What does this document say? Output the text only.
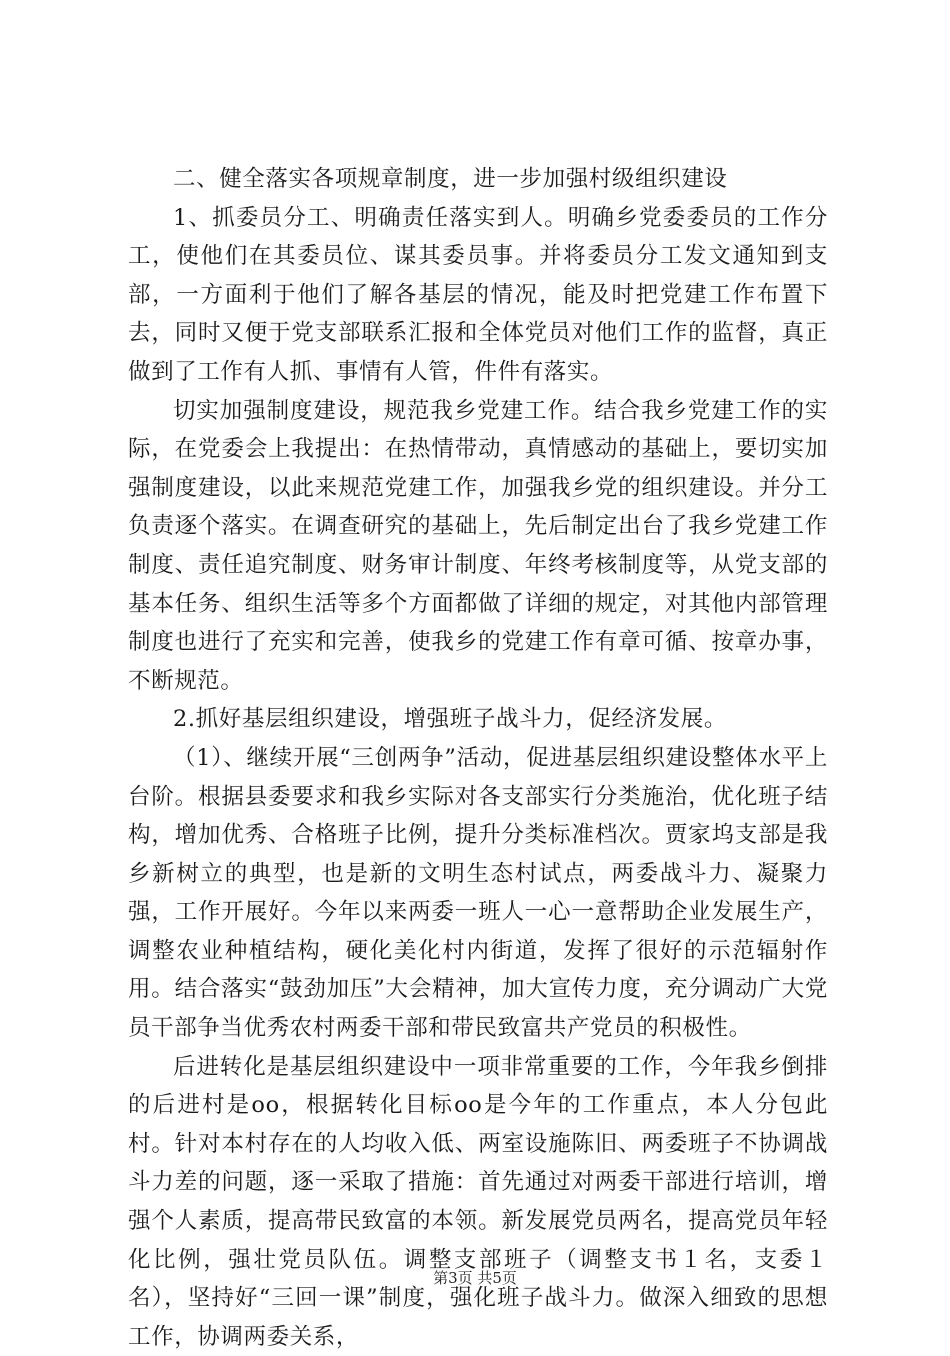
二、健全落实各项规章制度，进一步加强村级组织建设

1、抓委员分工、明确责任落实到人。明确乡党委委员的工作分工，使他们在其委员位、谋其委员事。并将委员分工发文通知到支部，一方面利于他们了解各基层的情况，能及时把党建工作布置下去，同时又便于党支部联系汇报和全体党员对他们工作的监督，真正做到了工作有人抓、事情有人管，件件有落实。

切实加强制度建设，规范我乡党建工作。结合我乡党建工作的实际，在党委会上我提出：在热情带动，真情感动的基础上，要切实加强制度建设，以此来规范党建工作，加强我乡党的组织建设。并分工负责逐个落实。在调查研究的基础上，先后制定出台了我乡党建工作制度、责任追究制度、财务审计制度、年终考核制度等，从党支部的基本任务、组织生活等多个方面都做了详细的规定，对其他内部管理制度也进行了充实和完善，使我乡的党建工作有章可循、按章办事，不断规范。

2.抓好基层组织建设，增强班子战斗力，促经济发展。

（1）、继续开展“三创两争”活动，促进基层组织建设整体水平上台阶。根据县委要求和我乡实际对各支部实行分类施治，优化班子结构，增加优秀、合格班子比例，提升分类标准档次。贾家坞支部是我乡新树立的典型，也是新的文明生态村试点，两委战斗力、凝聚力强，工作开展好。今年以来两委一班人一心一意帮助企业发展生产，调整农业种植结构，硬化美化村内街道，发挥了很好的示范辐射作用。结合落实“鼓劲加压”大会精神，加大宣传力度，充分调动广大党员干部争当优秀农村两委干部和带民致富共产党员的积极性。

后进转化是基层组织建设中一项非常重要的工作，今年我乡倒排的后进村是oo，根据转化目标oo是今年的工作重点，本人分包此村。针对本村存在的人均收入低、两室设施陈旧、两委班子不协调战斗力差的问题，逐一采取了措施：首先通过对两委干部进行培训，增强个人素质，提高带民致富的本领。新发展党员两名，提高党员年轻化比例，强壮党员队伍。调整支部班子（调整支书１名，支委１名），坚持好“三回一课”制度，强化班子战斗力。做深入细致的思想工作，协调两委关系，

第3页 共5页
